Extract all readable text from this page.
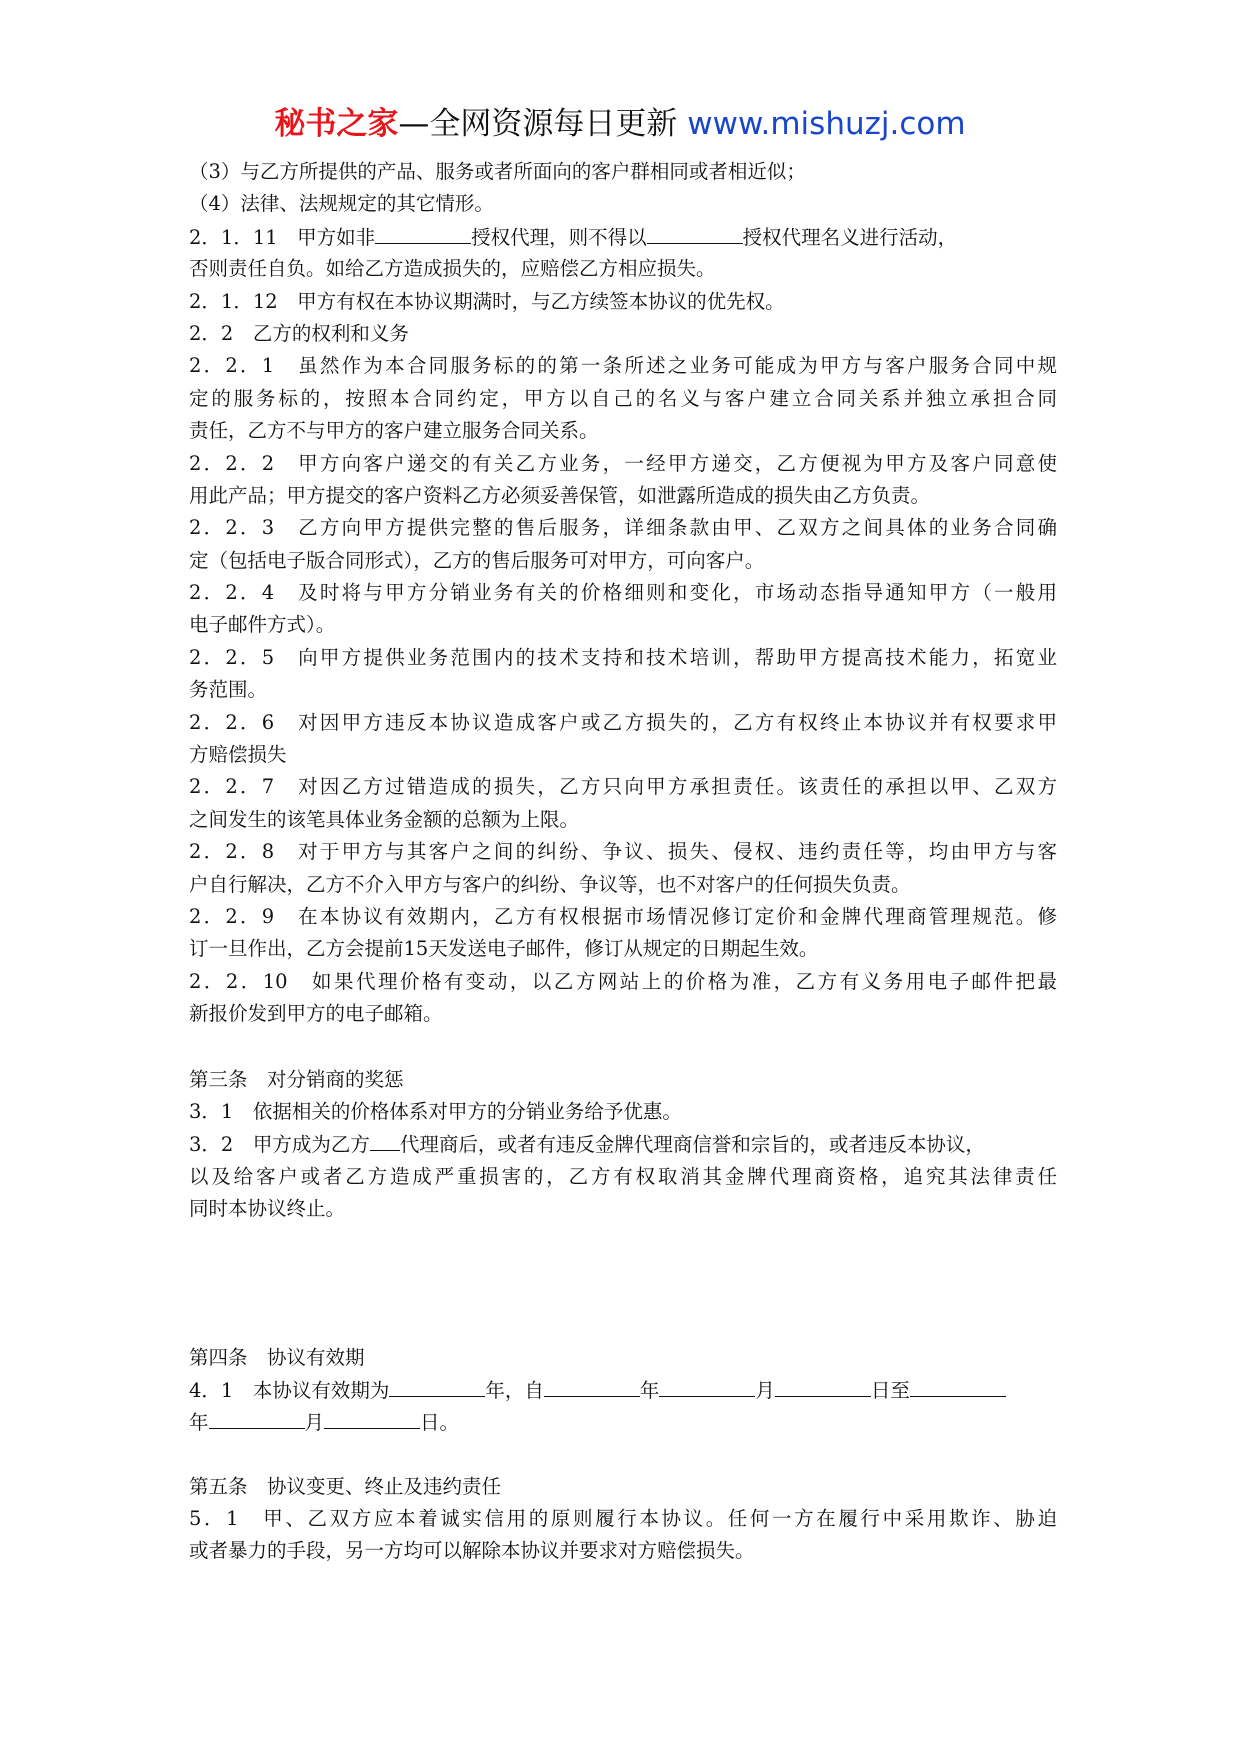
秘书之家—全网资源每日更新 www.mishuzj.com
（3）与乙方所提供的产品、服务或者所面向的客户群相同或者相近似；
（4）法律、法规规定的其它情形。
2．1．11　甲方如非	授权代理，则不得以	授权代理名义进行活动，
否则责任自负。如给乙方造成损失的，应赔偿乙方相应损失。
2．1．12　甲方有权在本协议期满时，与乙方续签本协议的优先权。
2．2　乙方的权利和义务
2．2．1　虽然作为本合同服务标的的第一条所述之业务可能成为甲方与客户服务合同中规
定的服务标的，按照本合同约定，甲方以自己的名义与客户建立合同关系并独立承担合同
责任，乙方不与甲方的客户建立服务合同关系。
2．2．2　甲方向客户递交的有关乙方业务，一经甲方递交，乙方便视为甲方及客户同意使
用此产品；甲方提交的客户资料乙方必须妥善保管，如泄露所造成的损失由乙方负责。
2．2．3　乙方向甲方提供完整的售后服务，详细条款由甲、乙双方之间具体的业务合同确
定（包括电子版合同形式），乙方的售后服务可对甲方，可向客户。
2．2．4　及时将与甲方分销业务有关的价格细则和变化，市场动态指导通知甲方（一般用
电子邮件方式）。
2．2．5　向甲方提供业务范围内的技术支持和技术培训，帮助甲方提高技术能力，拓宽业
务范围。
2．2．6　对因甲方违反本协议造成客户或乙方损失的，乙方有权终止本协议并有权要求甲
方赔偿损失
2．2．7　对因乙方过错造成的损失，乙方只向甲方承担责任。该责任的承担以甲、乙双方
之间发生的该笔具体业务金额的总额为上限。
2．2．8　对于甲方与其客户之间的纠纷、争议、损失、侵权、违约责任等，均由甲方与客
户自行解决，乙方不介入甲方与客户的纠纷、争议等，也不对客户的任何损失负责。
2．2．9　在本协议有效期内，乙方有权根据市场情况修订定价和金牌代理商管理规范。修
订一旦作出，乙方会提前15天发送电子邮件，修订从规定的日期起生效。
2．2．10　如果代理价格有变动，以乙方网站上的价格为准，乙方有义务用电子邮件把最
新报价发到甲方的电子邮箱。
第三条　对分销商的奖惩
3．1　依据相关的价格体系对甲方的分销业务给予优惠。
3．2　甲方成为乙方 代理商后，或者有违反金牌代理商信誉和宗旨的，或者违反本协议，
以及给客户或者乙方造成严重损害的，乙方有权取消其金牌代理商资格，追究其法律责任
同时本协议终止。
第四条　协议有效期
4．1　本协议有效期为	年，自	年	月	日至
年	月	日。
第五条　协议变更、终止及违约责任
5．1　甲、乙双方应本着诚实信用的原则履行本协议。任何一方在履行中采用欺诈、胁迫
或者暴力的手段，另一方均可以解除本协议并要求对方赔偿损失。
